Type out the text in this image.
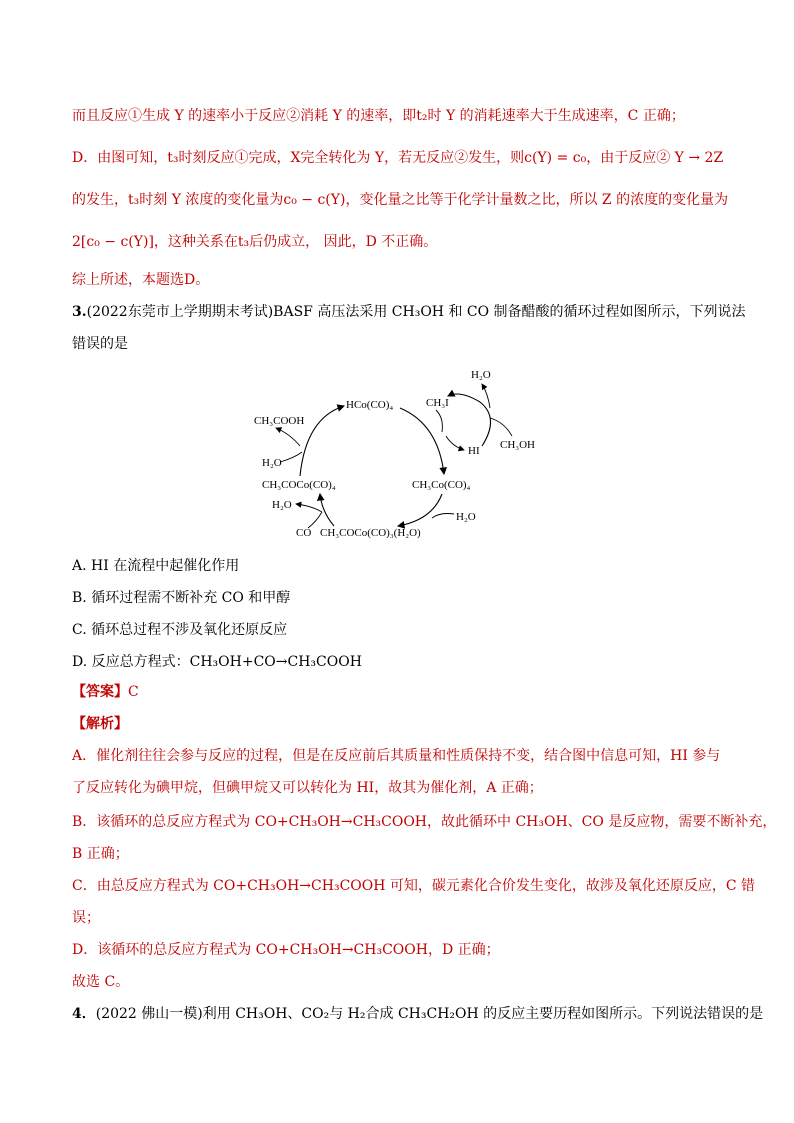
而且反应①生成 Y 的速率小于反应②消耗 Y 的速率，即t₂时 Y 的消耗速率大于生成速率，C 正确；
D．由图可知，t₃时刻反应①完成，X完全转化为 Y，若无反应②发生，则c(Y) = c₀，由于反应② Y → 2Z
的发生，t₃时刻 Y 浓度的变化量为c₀ − c(Y)，变化量之比等于化学计量数之比，所以 Z 的浓度的变化量为
2[c₀ − c(Y)]，这种关系在t₃后仍成立， 因此，D 不正确。
综上所述，本题选D。
3.(2022东莞市上学期期末考试)BASF 高压法采用 CH₃OH 和 CO 制备醋酸的循环过程如图所示，下列说法
错误的是
HCo(CO)₄
CH₃COOH
H₂O
CH₃COCo(CO)₄
H₂O
CO CH₃COCo(CO)₃(H₂O)
CH₃I
HI
H₂O
CH₃OH
CH₃Co(CO)₄
H₂O
A. HI 在流程中起催化作用
B. 循环过程需不断补充 CO 和甲醇
C. 循环总过程不涉及氧化还原反应
D. 反应总方程式：CH₃OH+CO→CH₃COOH
【答案】C
【解析】
A．催化剂往往会参与反应的过程，但是在反应前后其质量和性质保持不变，结合图中信息可知，HI 参与
了反应转化为碘甲烷，但碘甲烷又可以转化为 HI，故其为催化剂，A 正确；
B．该循环的总反应方程式为 CO+CH₃OH→CH₃COOH，故此循环中 CH₃OH、CO 是反应物，需要不断补充，
B 正确；
C．由总反应方程式为 CO+CH₃OH→CH₃COOH 可知，碳元素化合价发生变化，故涉及氧化还原反应，C 错
误；
D．该循环的总反应方程式为 CO+CH₃OH→CH₃COOH，D 正确；
故选 C。
4．(2022 佛山一模)利用 CH₃OH、CO₂与 H₂合成 CH₃CH₂OH 的反应主要历程如图所示。下列说法错误的是
